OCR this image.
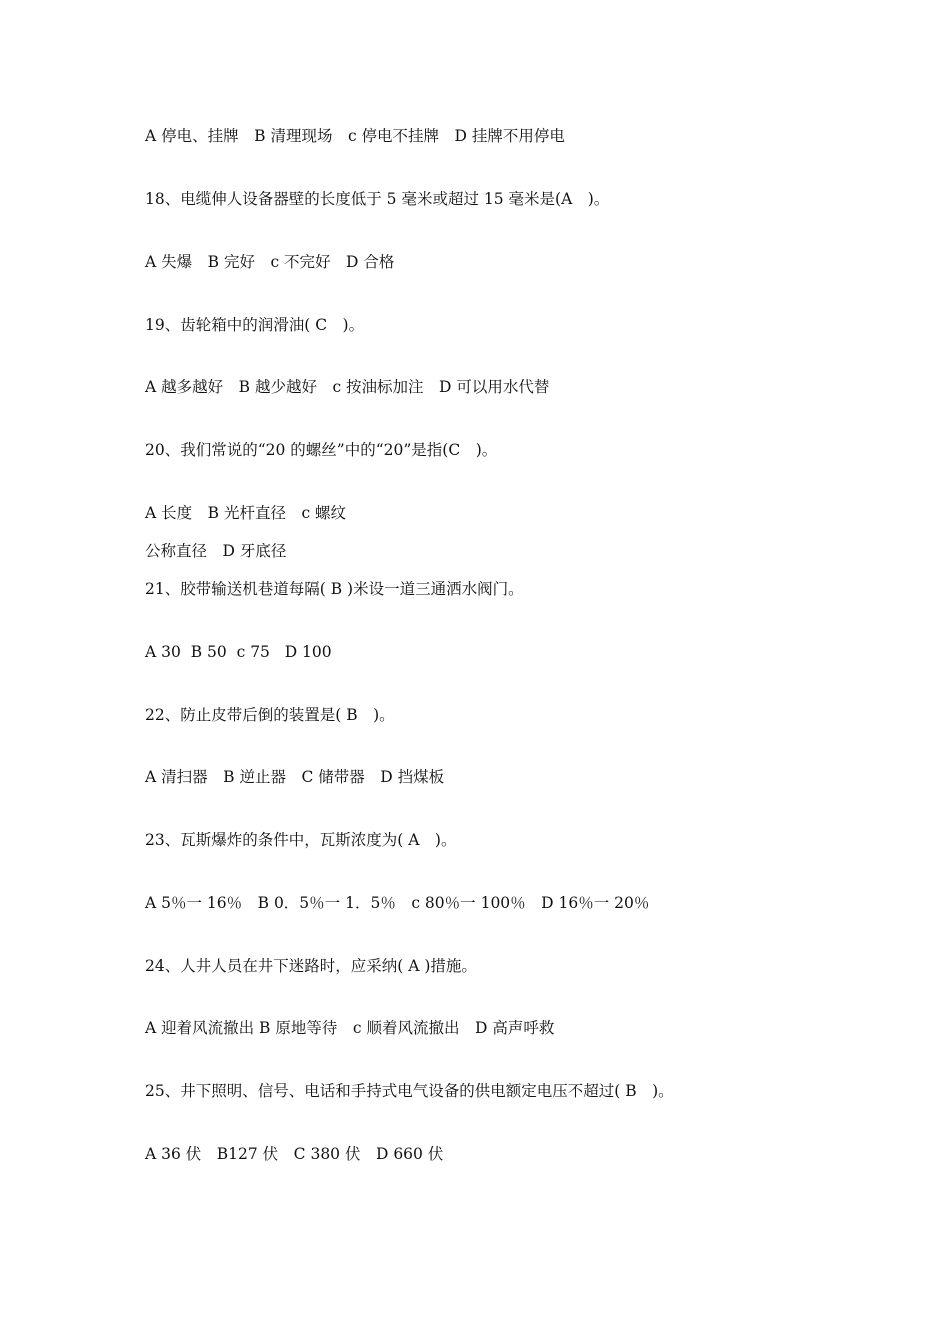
A 停电、挂牌　B 清理现场　c 停电不挂牌　D 挂牌不用停电
18、电缆伸人设备器壁的长度低于 5 毫米或超过 15 毫米是(A　)。
A 失爆　B 完好　c 不完好　D 合格
19、齿轮箱中的润滑油( C　)。
A 越多越好　B 越少越好　c 按油标加注　D 可以用水代替
20、我们常说的“20 的螺丝”中的“20”是指(C　)。
A 长度　B 光杆直径　c 螺纹
公称直径　D 牙底径
21、胶带输送机巷道每隔( B )米设一道三通洒水阀门。
A 30  B 50  c 75   D 100
22、防止皮带后倒的装置是( B　)。
A 清扫器　B 逆止器　C 储带器　D 挡煤板
23、瓦斯爆炸的条件中，瓦斯浓度为( A　)。
A 5％一 16％　B 0．5％一 1．5％　c 80％一 100％　D 16％一 20％
24、人井人员在井下迷路时，应采纳( A )措施。
A 迎着风流撤出 B 原地等待　c 顺着风流撤出　D 高声呼救
25、井下照明、信号、电话和手持式电气设备的供电额定电压不超过( B　)。
A 36 伏　B127 伏　C 380 伏　D 660 伏
